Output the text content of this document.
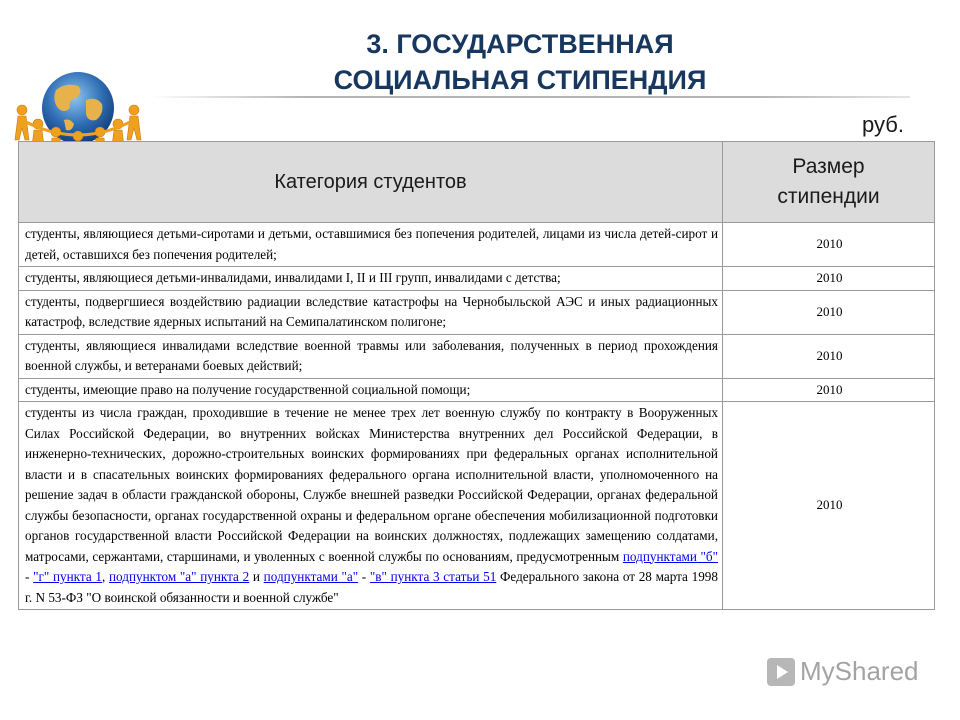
3. ГОСУДАРСТВЕННАЯ
СОЦИАЛЬНАЯ СТИПЕНДИЯ
руб.
Категория студентов	Размер
стипендии

студенты, являющиеся детьми-сиротами и детьми, оставшимися без попечения родителей, лицами из числа детей-сирот и детей, оставшихся без попечения родителей;	2010
студенты, являющиеся детьми-инвалидами, инвалидами I, II и III групп, инвалидами с детства;	2010
студенты, подвергшиеся воздействию радиации вследствие катастрофы на Чернобыльской АЭС и иных радиационных катастроф, вследствие ядерных испытаний на Семипалатинском полигоне;	2010
студенты, являющиеся инвалидами вследствие военной травмы или заболевания, полученных в период прохождения военной службы, и ветеранами боевых действий;	2010
студенты, имеющие право на получение государственной социальной помощи;	2010
студенты из числа граждан, проходившие в течение не менее трех лет военную службу по контракту в Вооруженных Силах Российской Федерации, во внутренних войсках Министерства внутренних дел Российской Федерации, в инженерно-технических, дорожно-строительных воинских формированиях при федеральных органах исполнительной власти и в спасательных воинских формированиях федерального органа исполнительной власти, уполномоченного на решение задач в области гражданской обороны, Службе внешней разведки Российской Федерации, органах федеральной службы безопасности, органах государственной охраны и федеральном органе обеспечения мобилизационной подготовки органов государственной власти Российской Федерации на воинских должностях, подлежащих замещению солдатами, матросами, сержантами, старшинами, и уволенных с военной службы по основаниям, предусмотренным подпунктами "б" - "г" пункта 1, подпунктом "а" пункта 2 и подпунктами "а" - "в" пункта 3 статьи 51 Федерального закона от 28 марта 1998 г. N 53-ФЗ "О воинской обязанности и военной службе"	2010
MyShared
